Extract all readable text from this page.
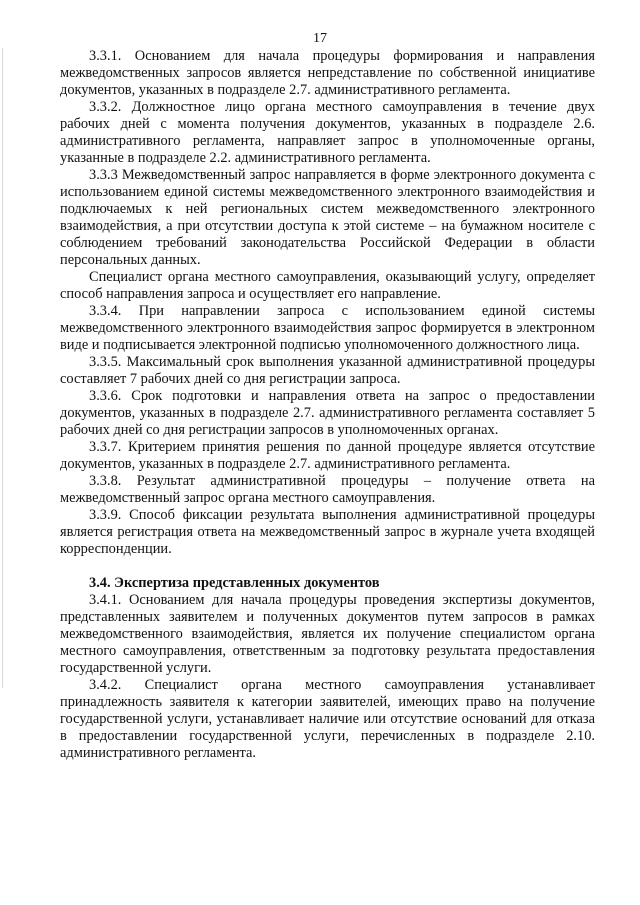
17

3.3.1. Основанием для начала процедуры формирования и направления межведомственных запросов является непредставление по собственной инициативе документов, указанных в подразделе 2.7. административного регламента.

3.3.2. Должностное лицо органа местного самоуправления в течение двух рабочих дней с момента получения документов, указанных в подразделе 2.6. административного регламента, направляет запрос в уполномоченные органы, указанные в подразделе 2.2. административного регламента.

3.3.3 Межведомственный запрос направляется в форме электронного документа с использованием единой системы межведомственного электронного взаимодействия и подключаемых к ней региональных систем межведомственного электронного взаимодействия, а при отсутствии доступа к этой системе – на бумажном носителе с соблюдением требований законодательства Российской Федерации в области персональных данных.

Специалист органа местного самоуправления, оказывающий услугу, определяет способ направления запроса и осуществляет его направление.

3.3.4. При направлении запроса с использованием единой системы межведомственного электронного взаимодействия запрос формируется в электронном виде и подписывается электронной подписью уполномоченного должностного лица.

3.3.5. Максимальный срок выполнения указанной административной процедуры составляет 7 рабочих дней со дня регистрации запроса.

3.3.6. Срок подготовки и направления ответа на запрос о предоставлении документов, указанных в подразделе 2.7. административного регламента составляет 5 рабочих дней со дня регистрации запросов в уполномоченных органах.

3.3.7. Критерием принятия решения по данной процедуре является отсутствие документов, указанных в подразделе 2.7. административного регламента.

3.3.8. Результат административной процедуры – получение ответа на межведомственный запрос органа местного самоуправления.

3.3.9. Способ фиксации результата выполнения административной процедуры является регистрация ответа на межведомственный запрос в журнале учета входящей корреспонденции.

3.4. Экспертиза представленных документов

3.4.1. Основанием для начала процедуры проведения экспертизы документов, представленных заявителем и полученных документов путем запросов в рамках межведомственного взаимодействия, является их получение специалистом органа местного самоуправления, ответственным за подготовку результата предоставления государственной услуги.

3.4.2. Специалист органа местного самоуправления устанавливает принадлежность заявителя к категории заявителей, имеющих право на получение государственной услуги, устанавливает наличие или отсутствие оснований для отказа в предоставлении государственной услуги, перечисленных в подразделе 2.10. административного регламента.
